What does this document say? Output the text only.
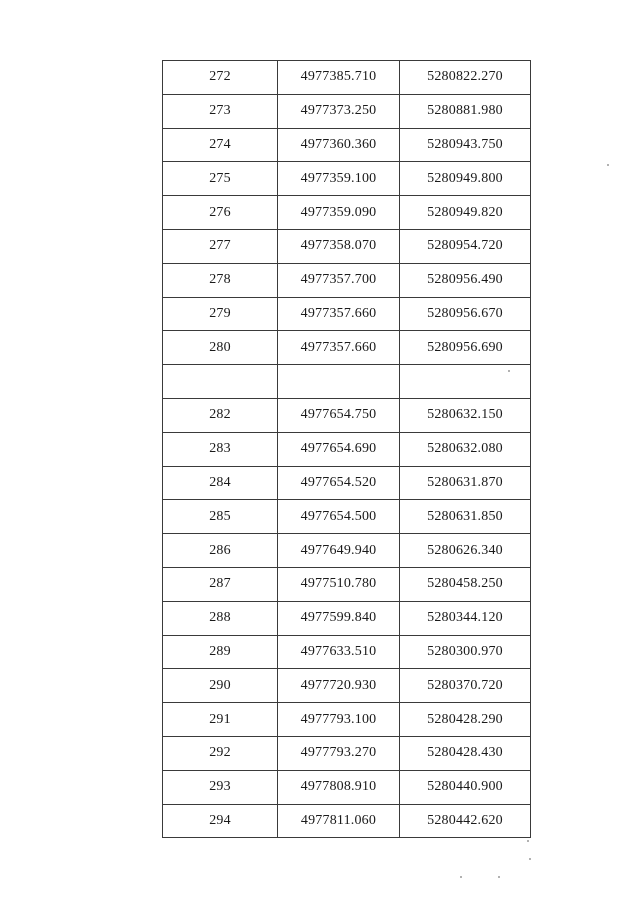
272	4977385.710	5280822.270
273	4977373.250	5280881.980
274	4977360.360	5280943.750
275	4977359.100	5280949.800
276	4977359.090	5280949.820
277	4977358.070	5280954.720
278	4977357.700	5280956.490
279	4977357.660	5280956.670
280	4977357.660	5280956.690

282	4977654.750	5280632.150
283	4977654.690	5280632.080
284	4977654.520	5280631.870
285	4977654.500	5280631.850
286	4977649.940	5280626.340
287	4977510.780	5280458.250
288	4977599.840	5280344.120
289	4977633.510	5280300.970
290	4977720.930	5280370.720
291	4977793.100	5280428.290
292	4977793.270	5280428.430
293	4977808.910	5280440.900
294	4977811.060	5280442.620
